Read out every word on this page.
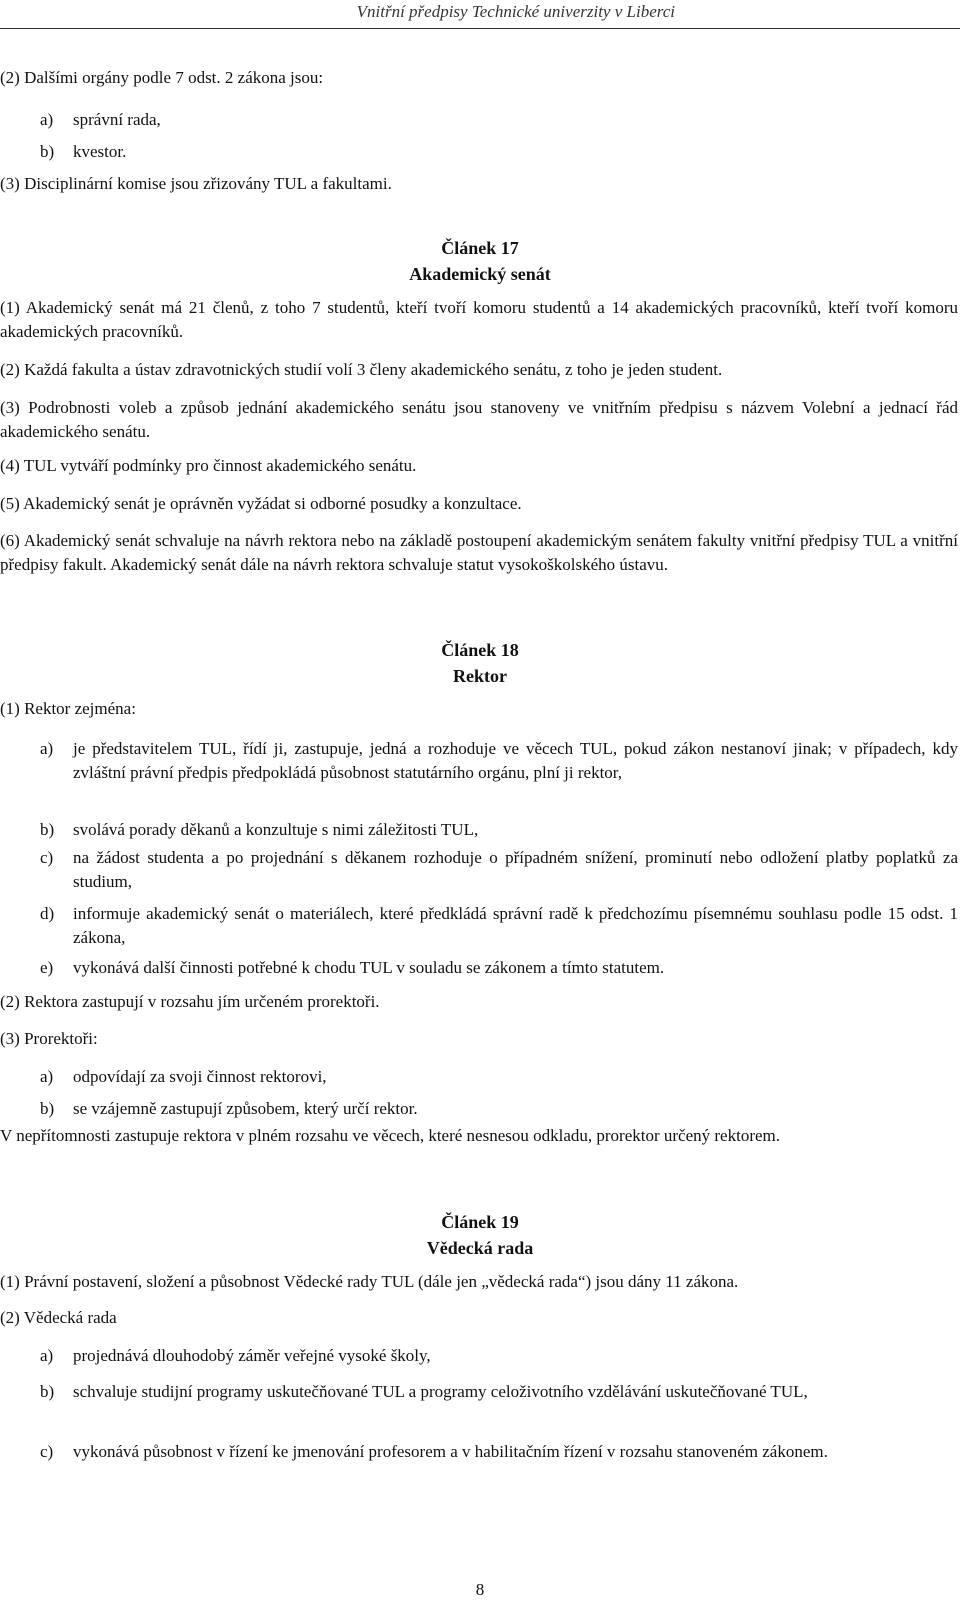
Vnitřní předpisy Technické univerzity v Liberci
(2) Dalšími orgány podle 7 odst. 2 zákona jsou:
a)	správní rada,
b)	kvestor.
(3) Disciplinární komise jsou zřizovány TUL a fakultami.
Článek 17
Akademický senát
(1) Akademický senát má 21 členů, z toho 7 studentů, kteří tvoří komoru studentů a 14 akademických pracovníků, kteří tvoří komoru akademických pracovníků.
(2) Každá fakulta a ústav zdravotnických studií volí 3 členy akademického senátu, z toho je jeden student.
(3) Podrobnosti voleb a způsob jednání akademického senátu jsou stanoveny ve vnitřním předpisu s názvem Volební a jednací řád akademického senátu.
(4) TUL vytváří podmínky pro činnost akademického senátu.
(5) Akademický senát je oprávněn vyžádat si odborné posudky a konzultace.
(6) Akademický senát schvaluje na návrh rektora nebo na základě postoupení akademickým senátem fakulty vnitřní předpisy TUL a vnitřní předpisy fakult. Akademický senát dále na návrh rektora schvaluje statut vysokoškolského ústavu.
Článek 18
Rektor
(1) Rektor zejména:
a)	je představitelem TUL, řídí ji, zastupuje, jedná a rozhoduje ve věcech TUL, pokud zákon nestanoví jinak; v případech, kdy zvláštní právní předpis předpokládá působnost statutárního orgánu, plní ji rektor,
b)	svolává porady děkanů a konzultuje s nimi záležitosti TUL,
c)	na žádost studenta a po projednání s děkanem rozhoduje o případném snížení, prominutí nebo odložení platby poplatků za studium,
d)	informuje akademický senát o materiálech, které předkládá správní radě k předchozímu písemnému souhlasu podle 15 odst. 1 zákona,
e)	vykonává další činnosti potřebné k chodu TUL v souladu se zákonem a tímto statutem.
(2) Rektora zastupují v rozsahu jím určeném prorektoři.
(3) Prorektoři:
a)	odpovídají za svoji činnost rektorovi,
b)	se vzájemně zastupují způsobem, který určí rektor.
V nepřítomnosti zastupuje rektora v plném rozsahu ve věcech, které nesnesou odkladu, prorektor určený rektorem.
Článek 19
Vědecká rada
(1) Právní postavení, složení a působnost Vědecké rady TUL (dále jen „vědecká rada“) jsou dány 11 zákona.
(2) Vědecká rada
a)	projednává dlouhodobý záměr veřejné vysoké školy,
b)	schvaluje studijní programy uskutečňované TUL a programy celoživotního vzdělávání uskutečňované TUL,
c)	vykonává působnost v řízení ke jmenování profesorem a v habilitačním řízení v rozsahu stanoveném zákonem.
8
